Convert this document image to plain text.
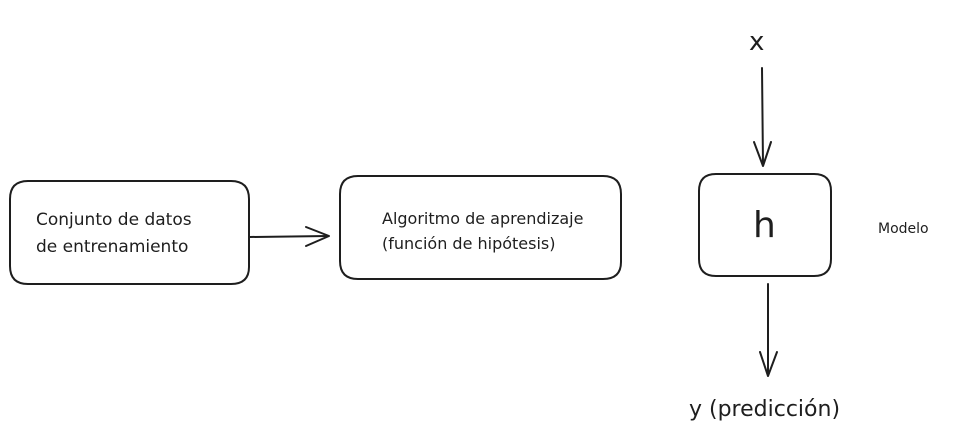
Conjunto de datos
de entrenamiento
Algoritmo de aprendizaje
(función de hipótesis)
x
h	Modelo
y (predicción)
